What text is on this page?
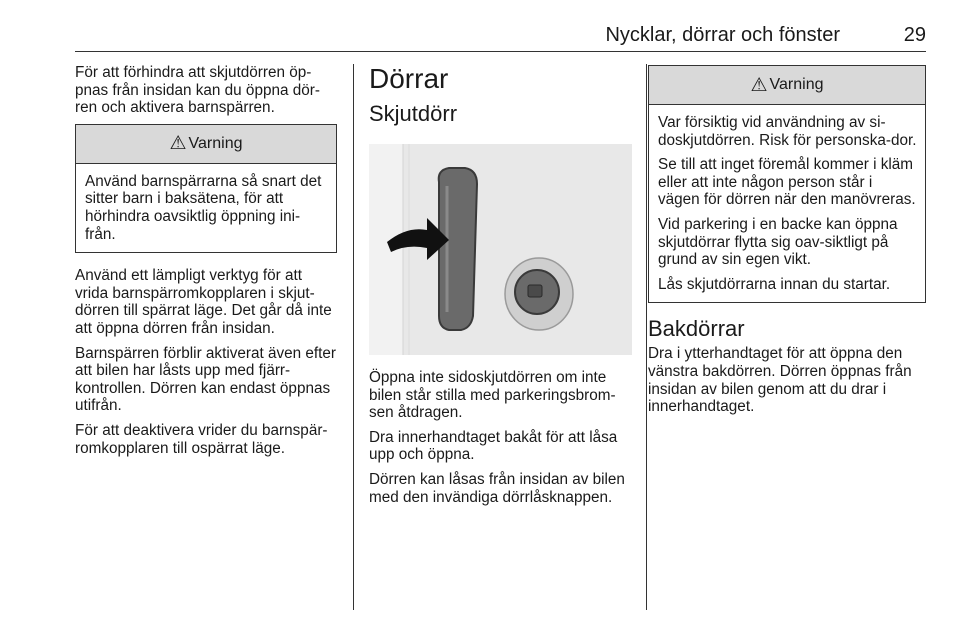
Nycklar, dörrar och fönster	29

För att förhindra att skjutdörren öp-pnas från insidan kan du öppna dör-ren och aktivera barnspärren.

⚠ Varning

Använd barnspärrarna så snart det sitter barn i baksätena, för att hörhindra oavsiktlig öppning ini-från.

Använd ett lämpligt verktyg för att vrida barnspärromkopplaren i skjut-dörren till spärrat läge. Det går då inte att öppna dörren från insidan.

Barnspärren förblir aktiverat även efter att bilen har låsts upp med fjärr-kontrollen. Dörren kan endast öppnas utifrån.

För att deaktivera vrider du barnspär-romkopplaren till ospärrat läge.

Dörrar
Skjutdörr

Öppna inte sidoskjutdörren om inte bilen står stilla med parkeringsbrom-sen åtdragen.

Dra innerhandtaget bakåt för att låsa upp och öppna.

Dörren kan låsas från insidan av bilen med den invändiga dörrlåsknappen.

⚠ Varning

Var försiktig vid användning av si-doskjutdörren. Risk för personska-dor.

Se till att inget föremål kommer i kläm eller att inte någon person står i vägen för dörren när den manövreras.

Vid parkering i en backe kan öppna skjutdörrar flytta sig oav-siktligt på grund av sin egen vikt.

Lås skjutdörrarna innan du startar.

Bakdörrar

Dra i ytterhandtaget för att öppna den vänstra bakdörren. Dörren öppnas från insidan av bilen genom att du drar i innerhandtaget.
